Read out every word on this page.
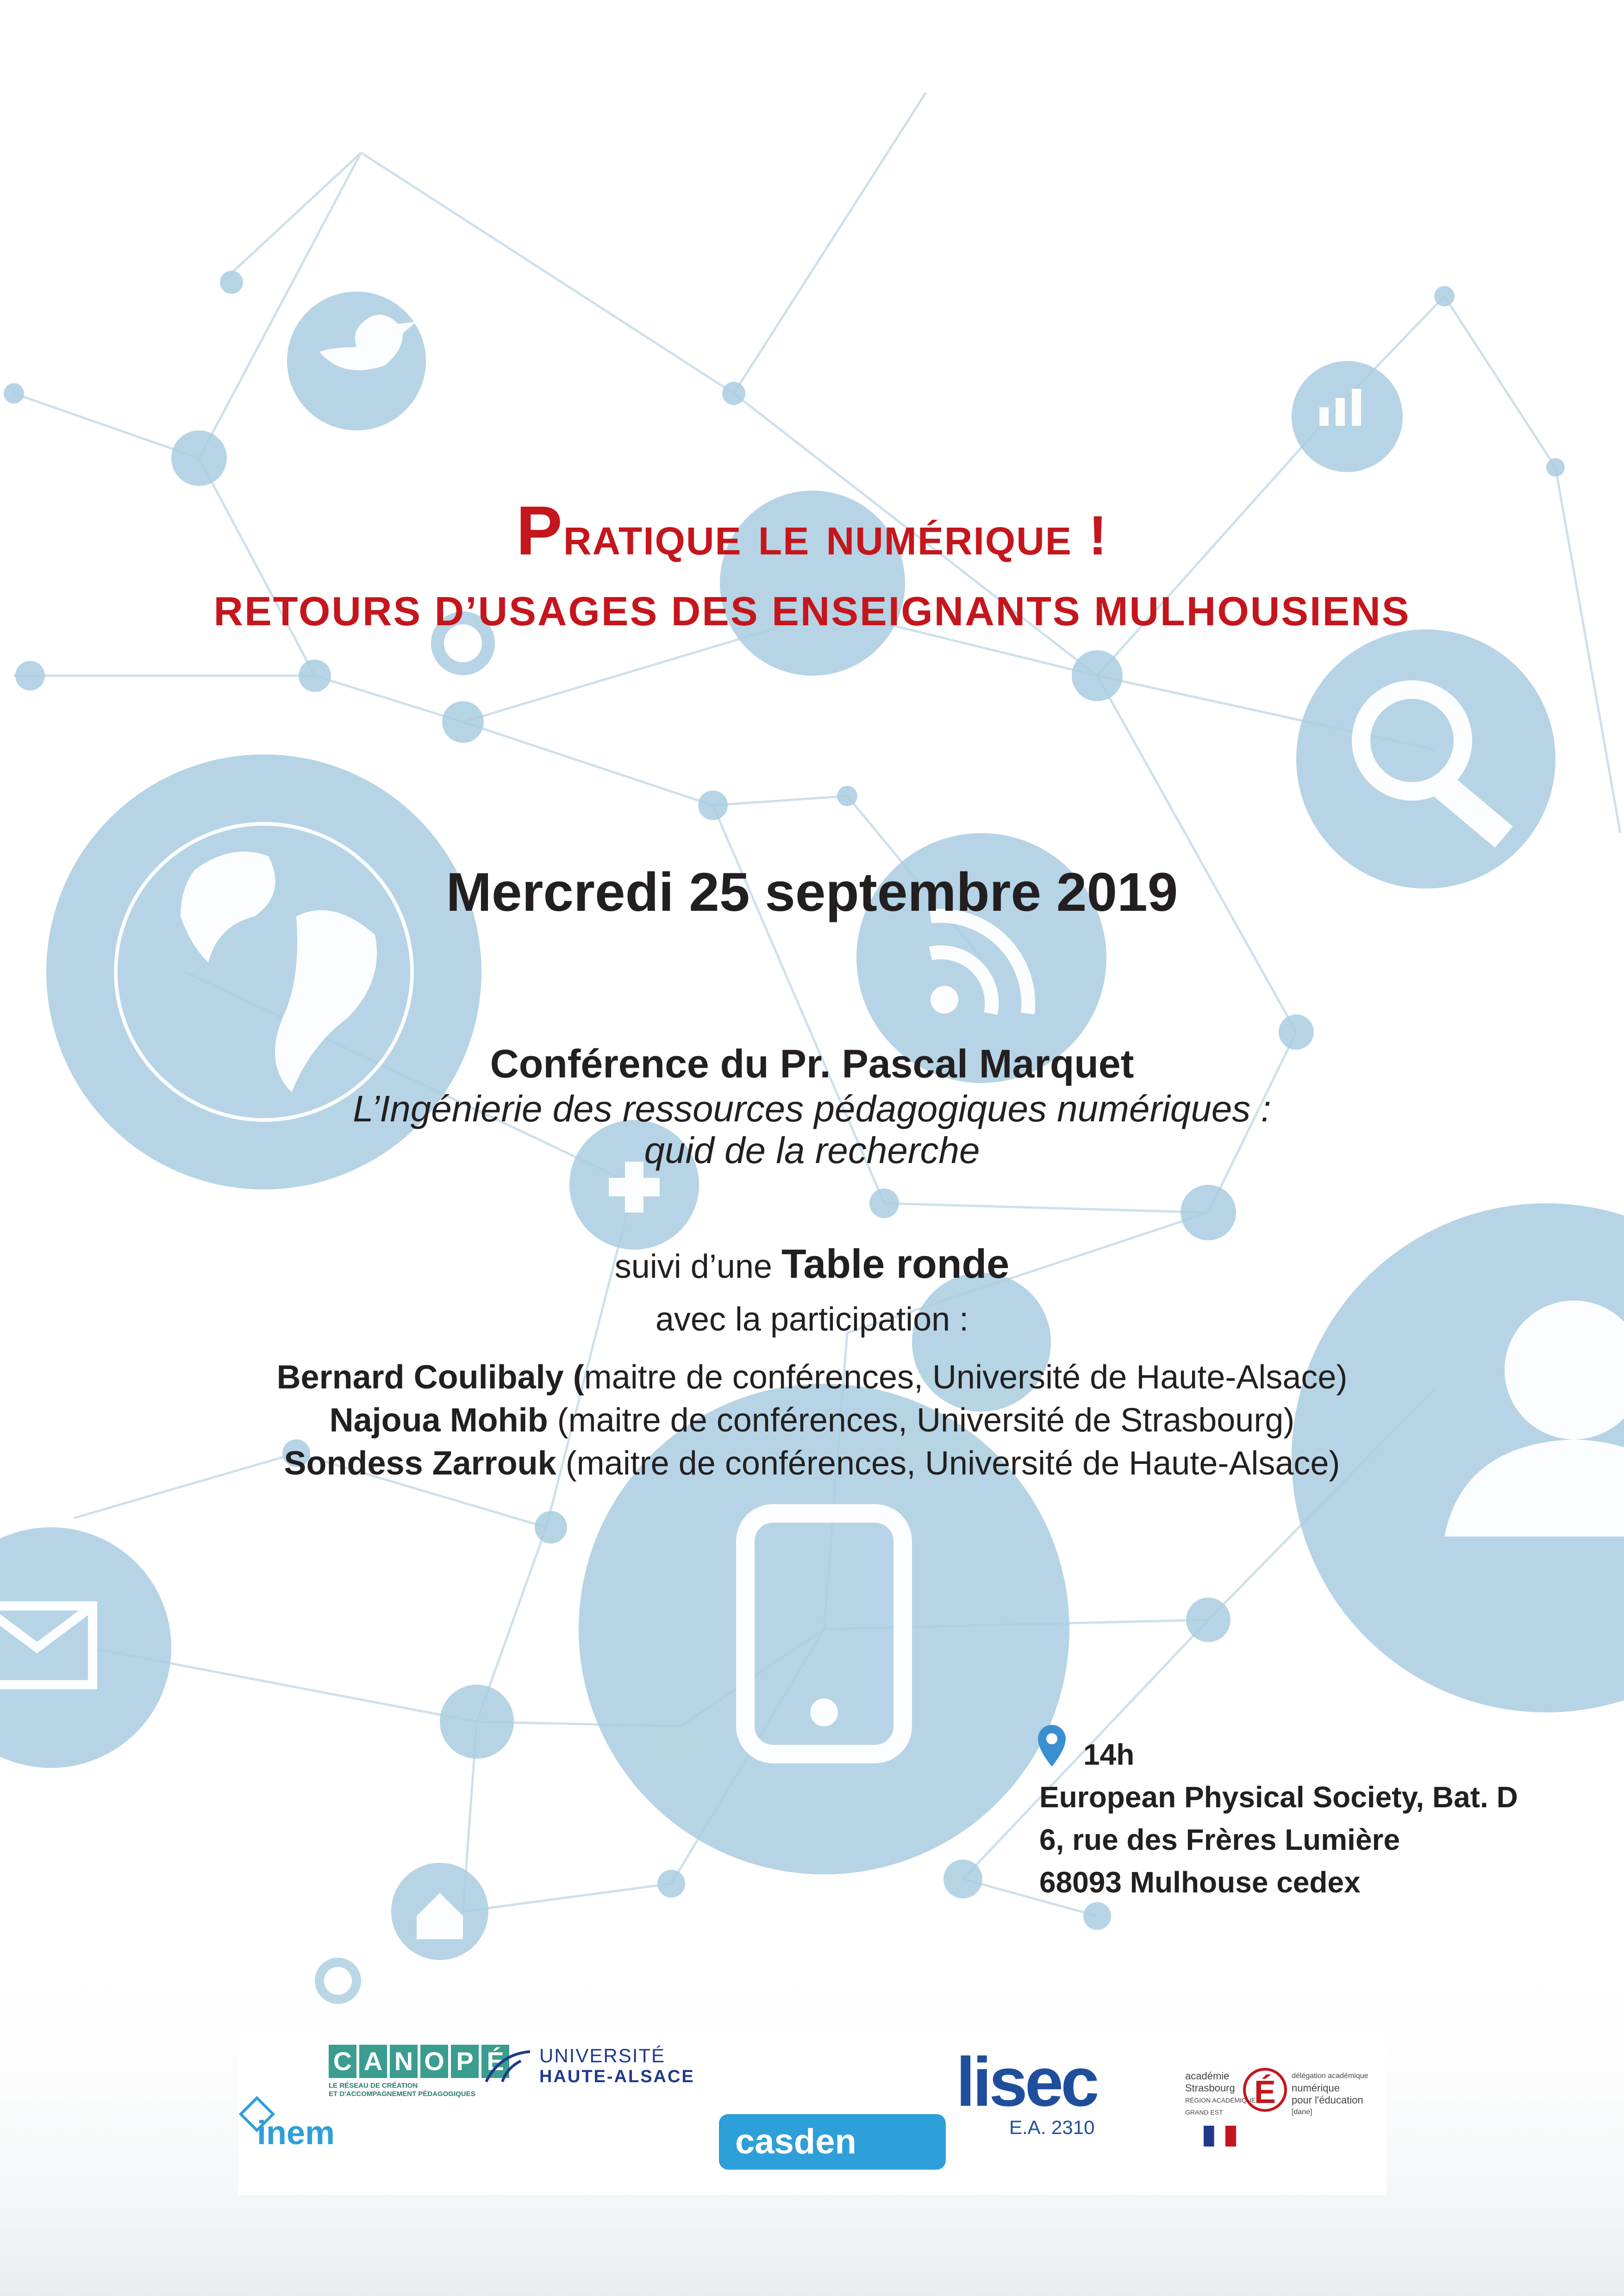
Pratique le numérique !
RETOURS D’USAGES DES ENSEIGNANTS MULHOUSIENS
Mercredi 25 septembre 2019
Conférence du Pr. Pascal Marquet
L’Ingénierie des ressources pédagogiques numériques :
quid de la recherche
suivi d’une Table ronde
avec la participation :
Bernard Coulibaly (maitre de conférences, Université de Haute-Alsace)
Najoua Mohib (maitre de conférences, Université de Strasbourg)
Sondess Zarrouk (maitre de conférences, Université de Haute-Alsace)
14h
European Physical Society, Bat. D
6, rue des Frères Lumière
68093 Mulhouse cedex
C A N O P É
LE RÉSEAU DE CRÉATION
ET D'ACCOMPAGNEMENT PÉDAGOGIQUES
UNIVERSITÉ
HAUTE-ALSACE
casden
lisec
E.A. 2310
inem
académie
Strasbourg
RÉGION ACADÉMIQUE
GRAND EST
É	délégation académique
numérique
pour l'éducation
[dane]
